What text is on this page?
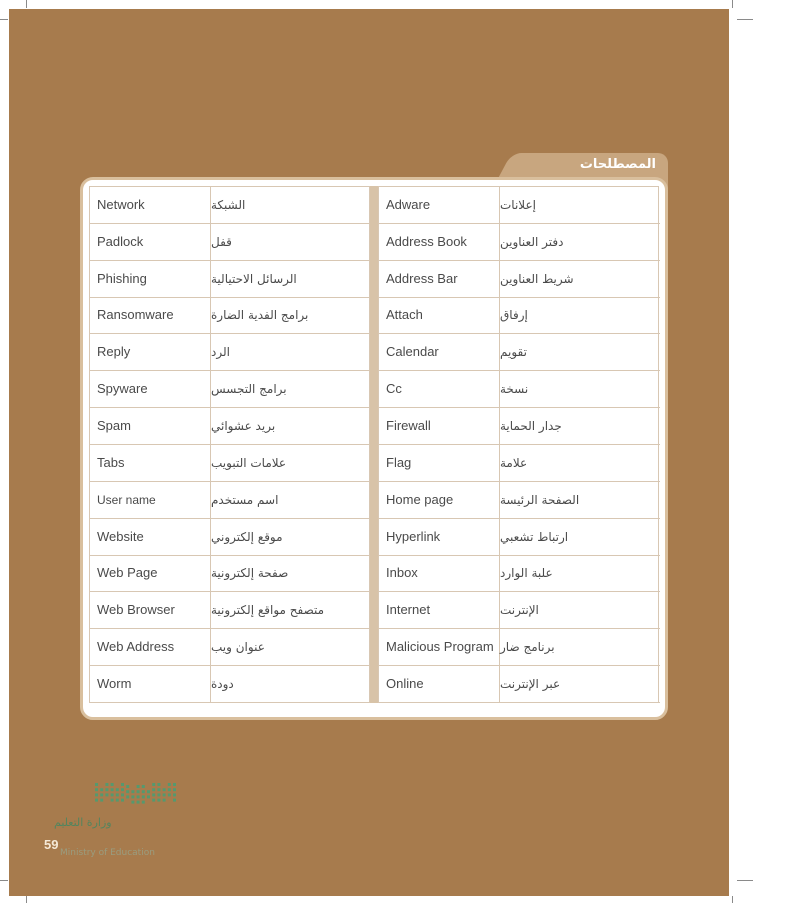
المصطلحات
Network	الشبكة
Padlock	قفل
Phishing	الرسائل الاحتيالية
Ransomware	برامج الفدية الضارة
Reply	الرد
Spyware	برامج التجسس
Spam	بريد عشوائي
Tabs	علامات التبويب
User name	اسم مستخدم
Website	موقع إلكتروني
Web Page	صفحة إلكترونية
Web Browser	متصفح مواقع إلكترونية
Web Address	عنوان ويب
Worm	دودة
Adware	إعلانات
Address Book	دفتر العناوين
Address Bar	شريط العناوين
Attach	إرفاق
Calendar	تقويم
Cc	نسخة
Firewall	جدار الحماية
Flag	علامة
Home page	الصفحة الرئيسة
Hyperlink	ارتباط تشعبي
Inbox	علبة الوارد
Internet	الإنترنت
Malicious Program برنامج ضار
Online	عبر الإنترنت
وزارة التعليم
Ministry of Education
59
